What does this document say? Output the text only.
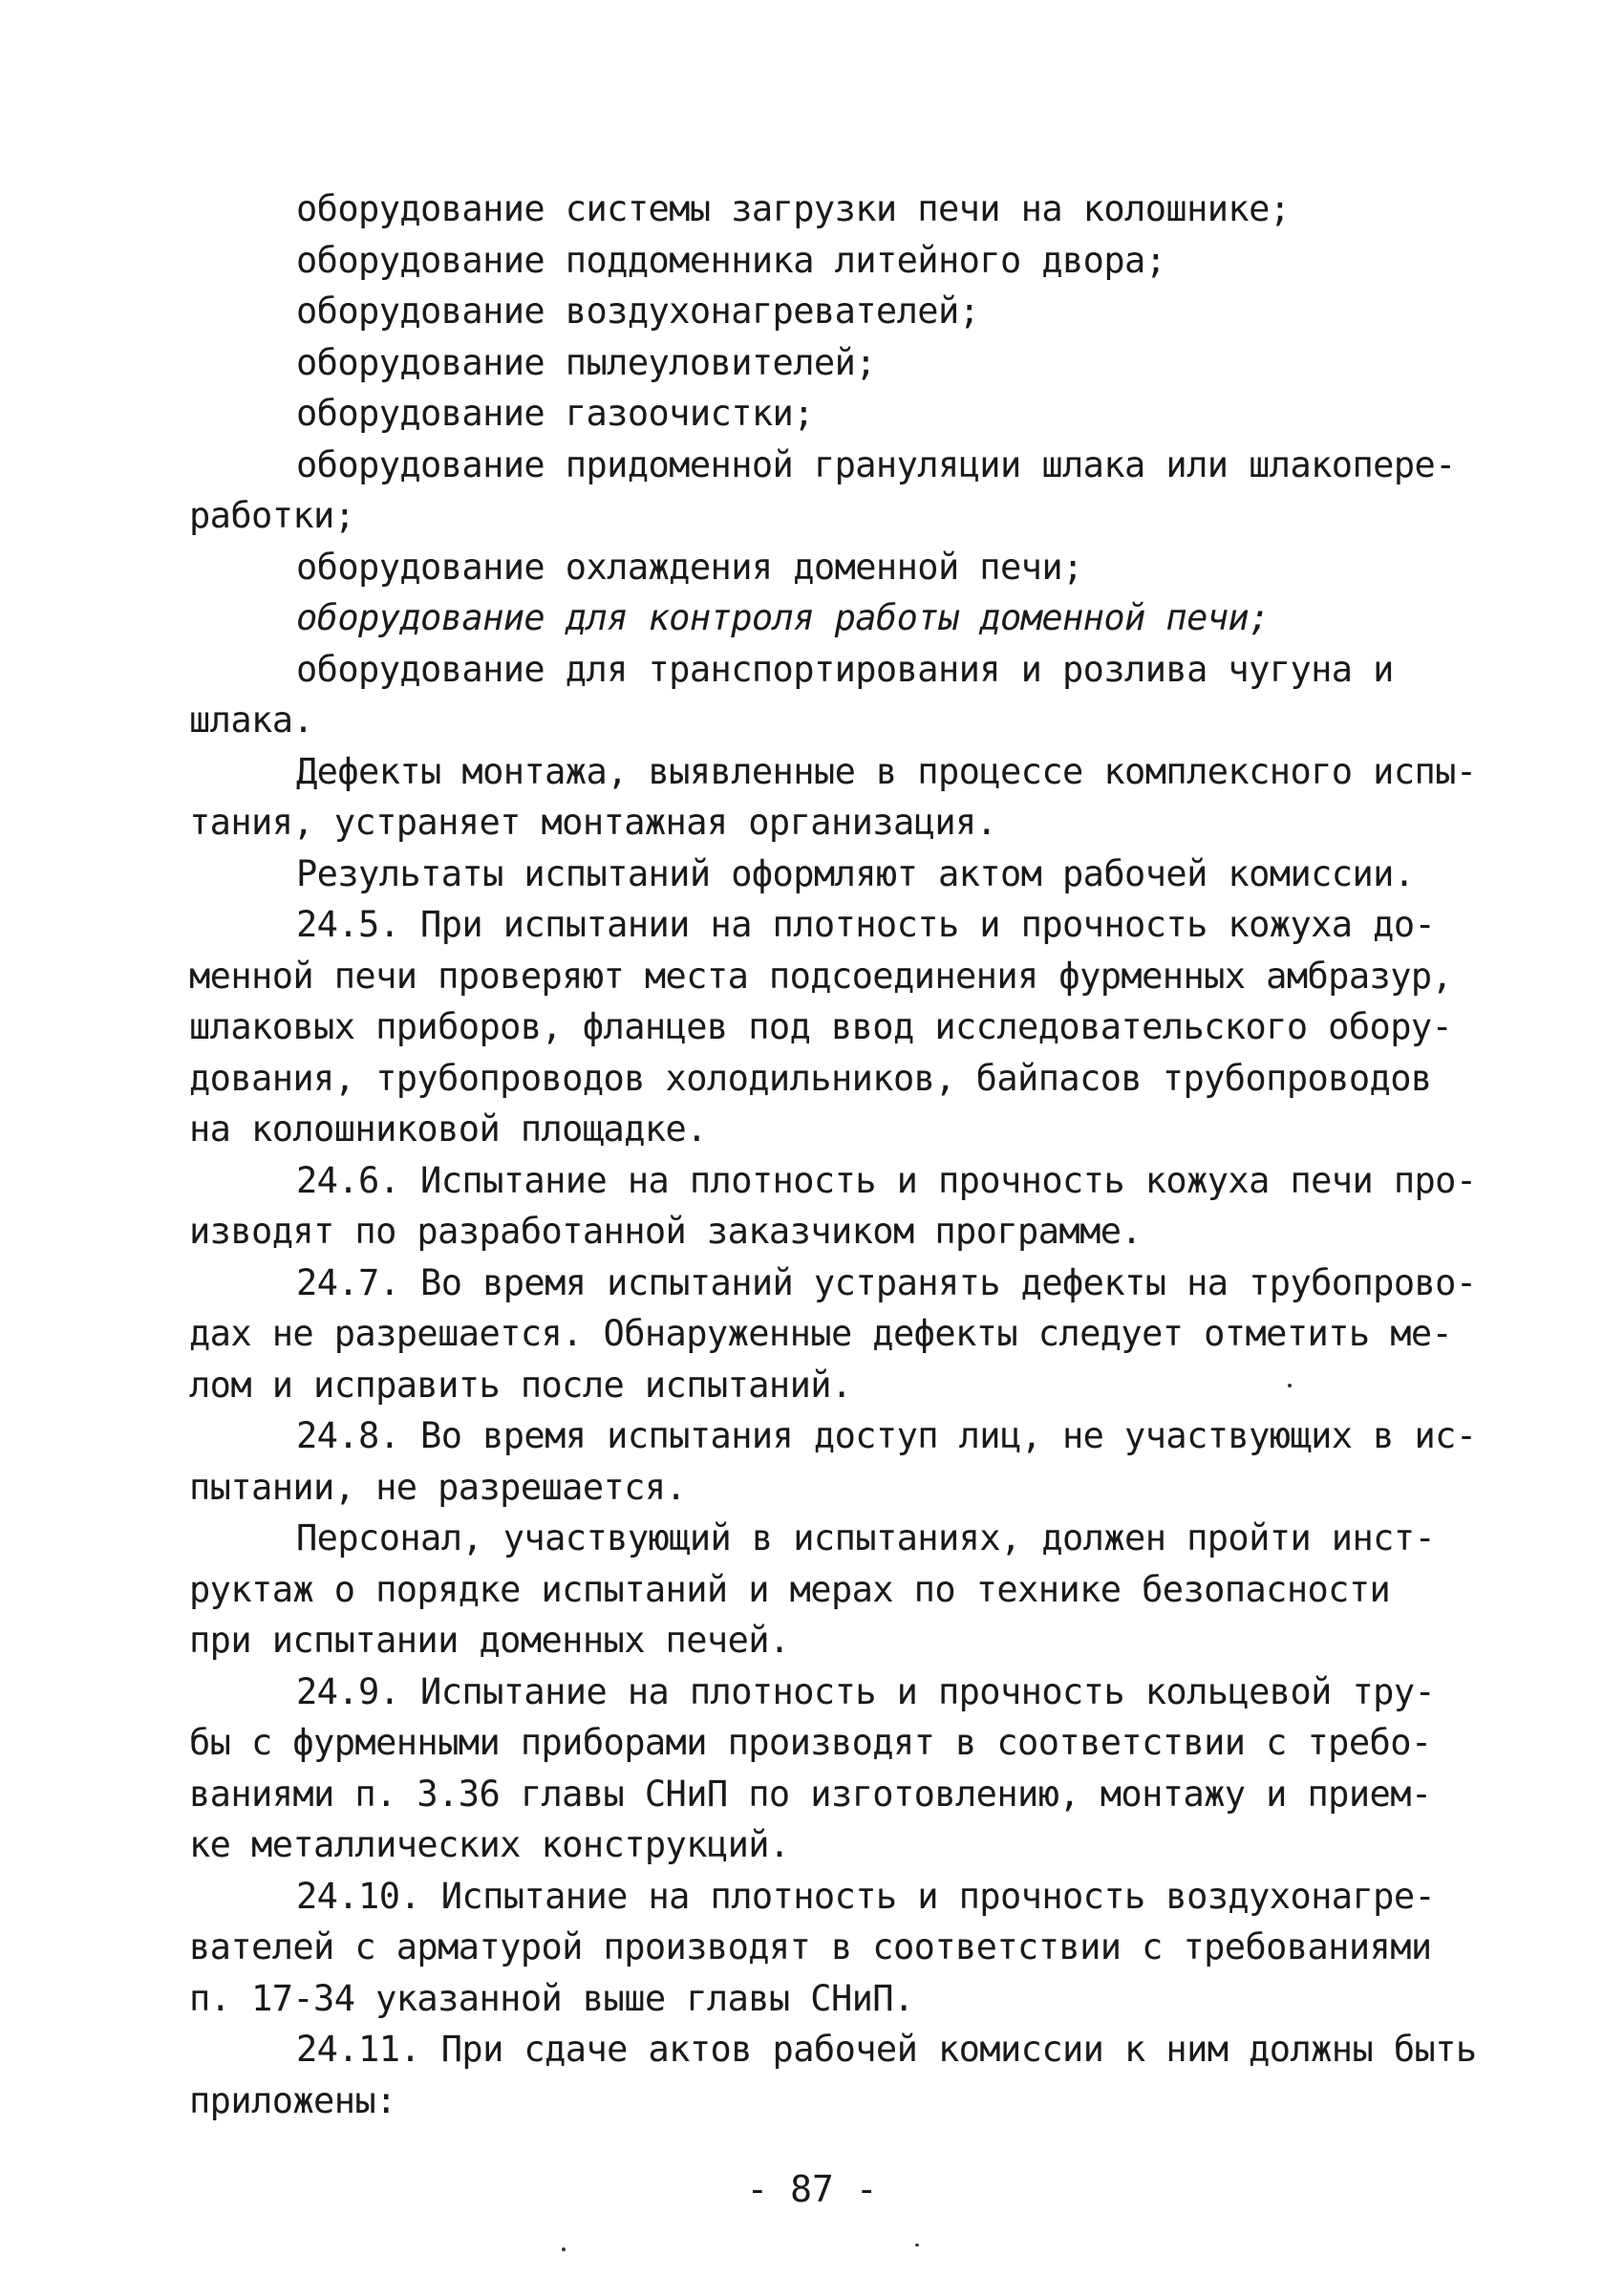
оборудование системы загрузки печи на колошнике;
оборудование поддоменника литейного двора;
оборудование воздухонагревателей;
оборудование пылеуловителей;
оборудование газоочистки;
оборудование придоменной грануляции шлака или шлакопере-
работки;
оборудование охлаждения доменной печи;
оборудование для контроля работы доменной печи;
оборудование для транспортирования и розлива чугуна и
шлака.
Дефекты монтажа, выявленные в процессе комплексного испы-
тания, устраняет монтажная организация.
Результаты испытаний оформляют актом рабочей комиссии.
24.5. При испытании на плотность и прочность кожуха до-
менной печи проверяют места подсоединения фурменных амбразур,
шлаковых приборов, фланцев под ввод исследовательского обору-
дования, трубопроводов холодильников, байпасов трубопроводов
на колошниковой площадке.
24.6. Испытание на плотность и прочность кожуха печи про-
изводят по разработанной заказчиком программе.
24.7. Во время испытаний устранять дефекты на трубопрово-
дах не разрешается. Обнаруженные дефекты следует отметить ме-
лом и исправить после испытаний.
24.8. Во время испытания доступ лиц, не участвующих в ис-
пытании, не разрешается.
Персонал, участвующий в испытаниях, должен пройти инст-
руктаж о порядке испытаний и мерах по технике безопасности
при испытании доменных печей.
24.9. Испытание на плотность и прочность кольцевой тру-
бы с фурменными приборами производят в соответствии с требо-
ваниями п. 3.36 главы СНиП по изготовлению, монтажу и прием-
ке металлических конструкций.
24.10. Испытание на плотность и прочность воздухонагре-
вателей с арматурой производят в соответствии с требованиями
п. 17-34 указанной выше главы СНиП.
24.11. При сдаче актов рабочей комиссии к ним должны быть
приложены:
- 87 -
